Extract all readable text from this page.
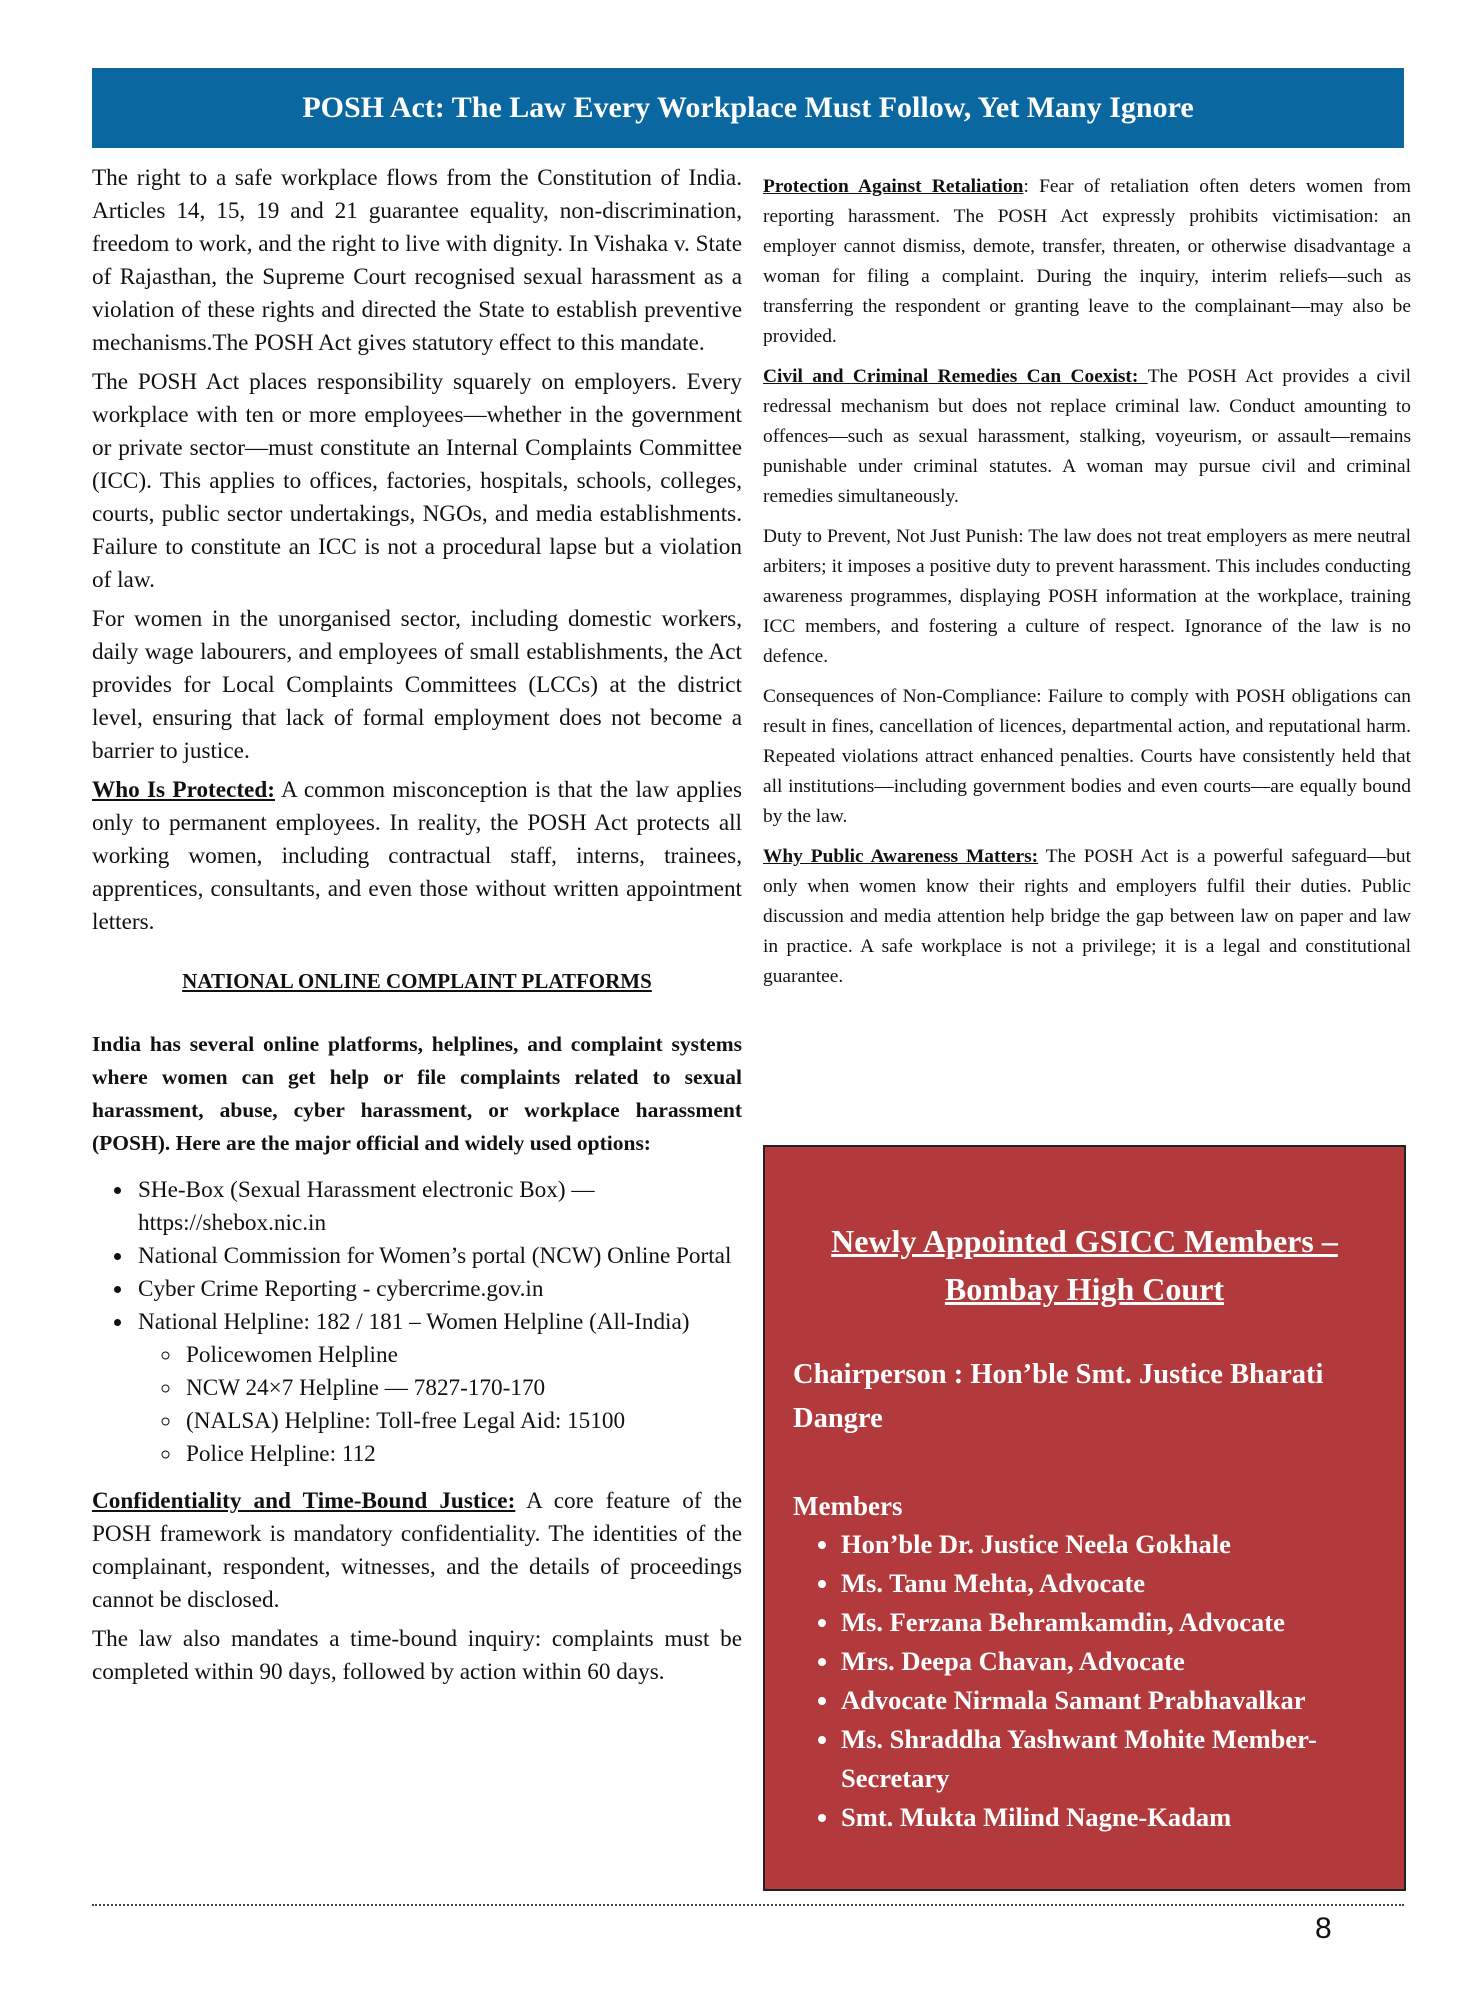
POSH Act: The Law Every Workplace Must Follow, Yet Many Ignore

The right to a safe workplace flows from the Constitution of India. Articles 14, 15, 19 and 21 guarantee equality, non-discrimination, freedom to work, and the right to live with dignity. In Vishaka v. State of Rajasthan, the Supreme Court recognised sexual harassment as a violation of these rights and directed the State to establish preventive mechanisms.The POSH Act gives statutory effect to this mandate.

The POSH Act places responsibility squarely on employers. Every workplace with ten or more employees—whether in the government or private sector—must constitute an Internal Complaints Committee (ICC). This applies to offices, factories, hospitals, schools, colleges, courts, public sector undertakings, NGOs, and media establishments. Failure to constitute an ICC is not a procedural lapse but a violation of law.

For women in the unorganised sector, including domestic workers, daily wage labourers, and employees of small establishments, the Act provides for Local Complaints Committees (LCCs) at the district level, ensuring that lack of formal employment does not become a barrier to justice.

Who Is Protected: A common misconception is that the law applies only to permanent employees. In reality, the POSH Act protects all working women, including contractual staff, interns, trainees, apprentices, consultants, and even those without written appointment letters.

NATIONAL ONLINE COMPLAINT PLATFORMS

India has several online platforms, helplines, and complaint systems where women can get help or file complaints related to sexual harassment, abuse, cyber harassment, or workplace harassment (POSH). Here are the major official and widely used options:

• SHe-Box (Sexual Harassment electronic Box) — https://shebox.nic.in
• National Commission for Women’s portal (NCW) Online Portal
• Cyber Crime Reporting - cybercrime.gov.in
• National Helpline: 182 / 181 – Women Helpline (All-India)
◦ Policewomen Helpline
◦ NCW 24×7 Helpline — 7827-170-170
◦ (NALSA) Helpline: Toll-free Legal Aid: 15100
◦ Police Helpline: 112

Confidentiality and Time-Bound Justice: A core feature of the POSH framework is mandatory confidentiality. The identities of the complainant, respondent, witnesses, and the details of proceedings cannot be disclosed.

The law also mandates a time-bound inquiry: complaints must be completed within 90 days, followed by action within 60 days.

Protection Against Retaliation: Fear of retaliation often deters women from reporting harassment. The POSH Act expressly prohibits victimisation: an employer cannot dismiss, demote, transfer, threaten, or otherwise disadvantage a woman for filing a complaint. During the inquiry, interim reliefs—such as transferring the respondent or granting leave to the complainant—may also be provided.

Civil and Criminal Remedies Can Coexist: The POSH Act provides a civil redressal mechanism but does not replace criminal law. Conduct amounting to offences—such as sexual harassment, stalking, voyeurism, or assault—remains punishable under criminal statutes. A woman may pursue civil and criminal remedies simultaneously.

Duty to Prevent, Not Just Punish: The law does not treat employers as mere neutral arbiters; it imposes a positive duty to prevent harassment. This includes conducting awareness programmes, displaying POSH information at the workplace, training ICC members, and fostering a culture of respect. Ignorance of the law is no defence.

Consequences of Non-Compliance: Failure to comply with POSH obligations can result in fines, cancellation of licences, departmental action, and reputational harm. Repeated violations attract enhanced penalties. Courts have consistently held that all institutions—including government bodies and even courts—are equally bound by the law.

Why Public Awareness Matters: The POSH Act is a powerful safeguard—but only when women know their rights and employers fulfil their duties. Public discussion and media attention help bridge the gap between law on paper and law in practice. A safe workplace is not a privilege; it is a legal and constitutional guarantee.

Newly Appointed GSICC Members – Bombay High Court

Chairperson : Hon’ble Smt. Justice Bharati Dangre

Members

• Hon’ble Dr. Justice Neela Gokhale
• Ms. Tanu Mehta, Advocate
• Ms. Ferzana Behramkamdin, Advocate
• Mrs. Deepa Chavan, Advocate
• Advocate Nirmala Samant Prabhavalkar
• Ms. Shraddha Yashwant Mohite Member-Secretary
• Smt. Mukta Milind Nagne-Kadam
8
